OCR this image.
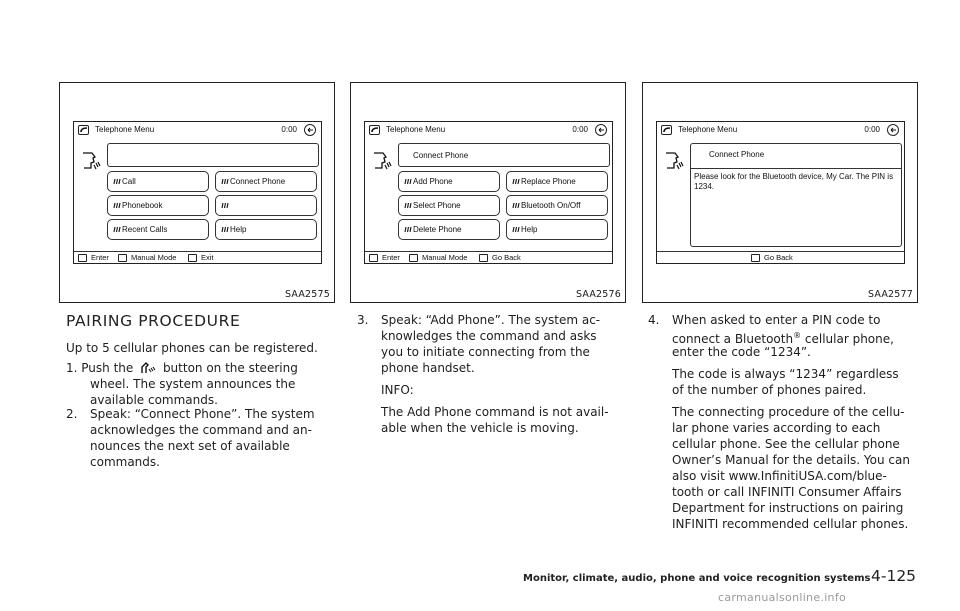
Telephone Menu	0:00
Call	Connect Phone
Phonebook
Recent Calls	Help
Enter	Manual Mode	Exit
SAA2575
Telephone Menu	0:00
Connect Phone
Add Phone	Replace Phone
Select Phone	Bluetooth On/Off
Delete Phone	Help
Enter	Manual Mode	Go Back
SAA2576
Telephone Menu	0:00
Connect Phone
Please look for the Bluetooth device, My Car. The PIN is 1234.
Go Back
SAA2577
PAIRING PROCEDURE
Up to 5 cellular phones can be registered.
1. Push the button on the steering
wheel. The system announces the
available commands.
2. Speak: “Connect Phone”. The system
acknowledges the command and an-
nounces the next set of available
commands.
3. Speak: “Add Phone”. The system ac-
knowledges the command and asks
you to initiate connecting from the
phone handset.
INFO:
The Add Phone command is not avail-
able when the vehicle is moving.
4. When asked to enter a PIN code to
connect a Bluetooth® cellular phone,
enter the code “1234”.
The code is always “1234” regardless
of the number of phones paired.
The connecting procedure of the cellu-
lar phone varies according to each
cellular phone. See the cellular phone
Owner’s Manual for the details. You can
also visit www.InfinitiUSA.com/blue-
tooth or call INFINITI Consumer Affairs
Department for instructions on pairing
INFINITI recommended cellular phones.
Monitor, climate, audio, phone and voice recognition systems 4-125
carmanualsonline.info
